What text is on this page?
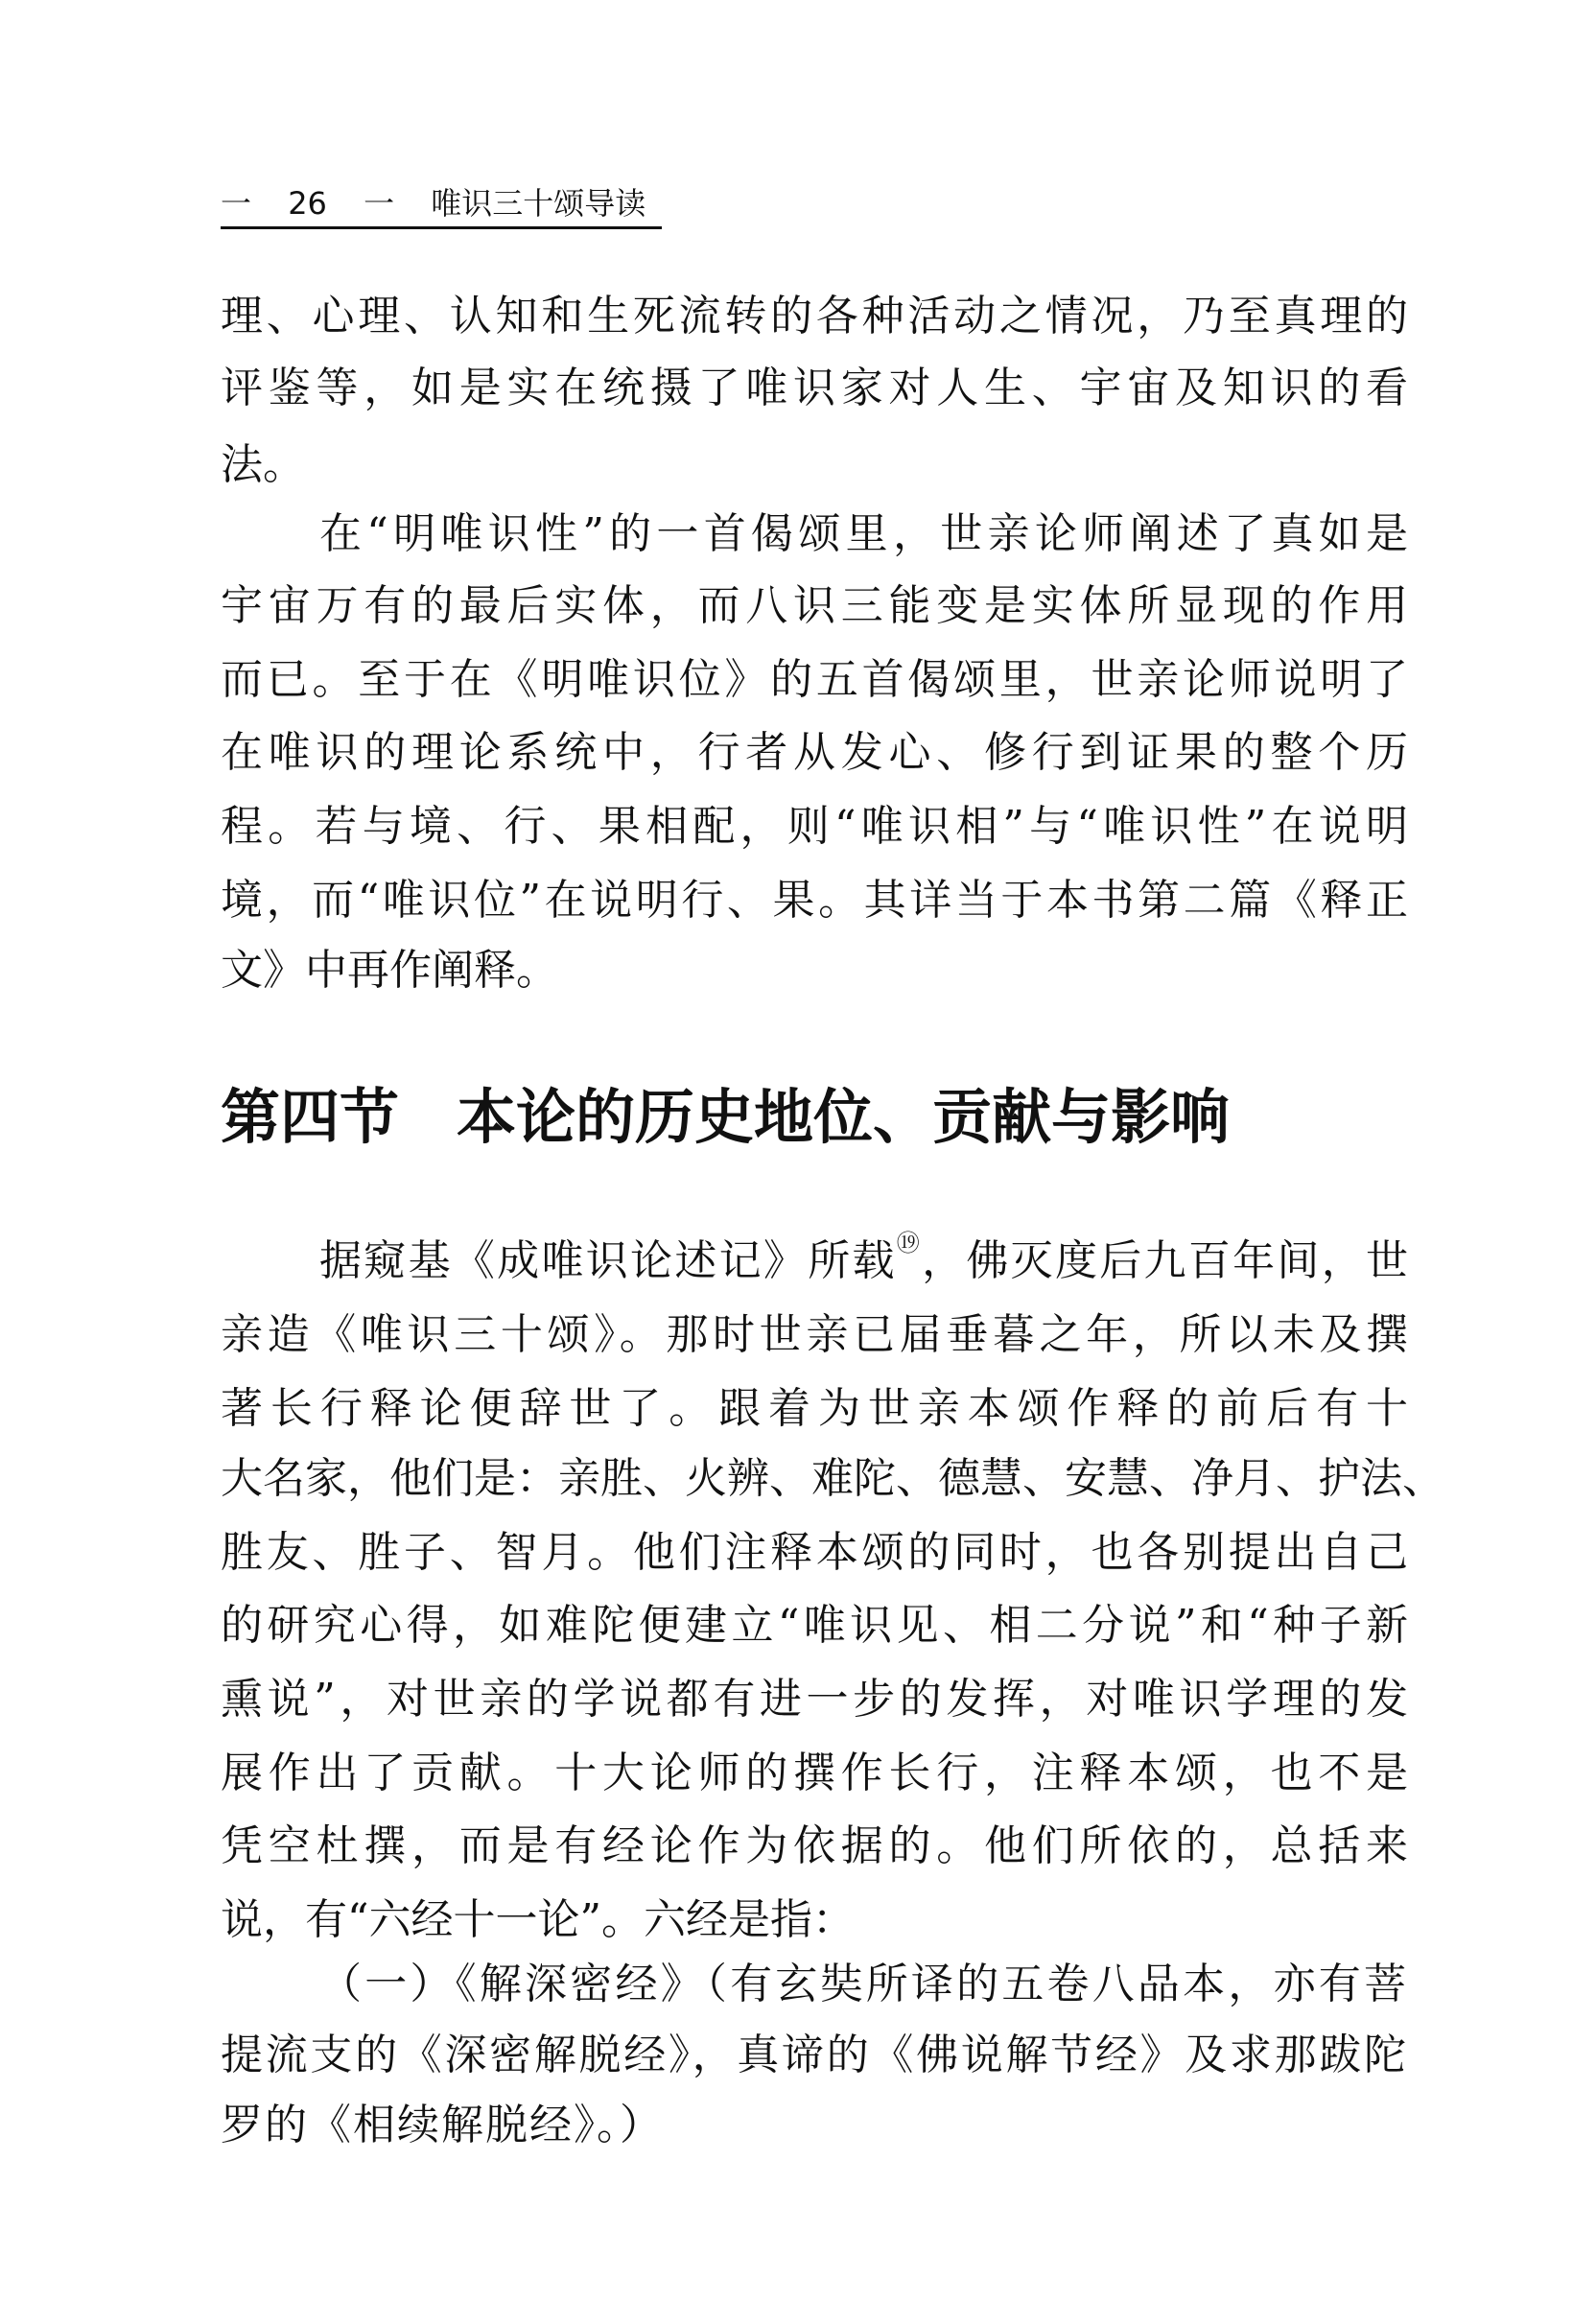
一 26 一 唯识三十颂导读
理、心理、认知和生死流转的各种活动之情况，乃至真理的
评鉴等，如是实在统摄了唯识家对人生、宇宙及知识的看
法。
在“明唯识性”的一首偈颂里，世亲论师阐述了真如是
宇宙万有的最后实体，而八识三能变是实体所显现的作用
而已。至于在《明唯识位》的五首偈颂里，世亲论师说明了
在唯识的理论系统中，行者从发心、修行到证果的整个历
程。若与境、行、果相配，则“唯识相”与“唯识性”在说明
境，而“唯识位”在说明行、果。其详当于本书第二篇《释正
文》中再作阐释。
第四节 本论的历史地位、贡献与影响
据窥基《成唯识论述记》所载⑲，佛灭度后九百年间，世
亲造《唯识三十颂》。那时世亲已届垂暮之年，所以未及撰
著长行释论便辞世了。跟着为世亲本颂作释的前后有十
大名家，他们是：亲胜、火辨、难陀、德慧、安慧、净月、护法、
胜友、胜子、智月。他们注释本颂的同时，也各别提出自己
的研究心得，如难陀便建立“唯识见、相二分说”和“种子新
熏说”，对世亲的学说都有进一步的发挥，对唯识学理的发
展作出了贡献。十大论师的撰作长行，注释本颂，也不是
凭空杜撰，而是有经论作为依据的。他们所依的，总括来
说，有“六经十一论”。六经是指：
（一）《解深密经》（有玄奘所译的五卷八品本，亦有菩
提流支的《深密解脱经》，真谛的《佛说解节经》及求那跋陀
罗的《相续解脱经》。）
